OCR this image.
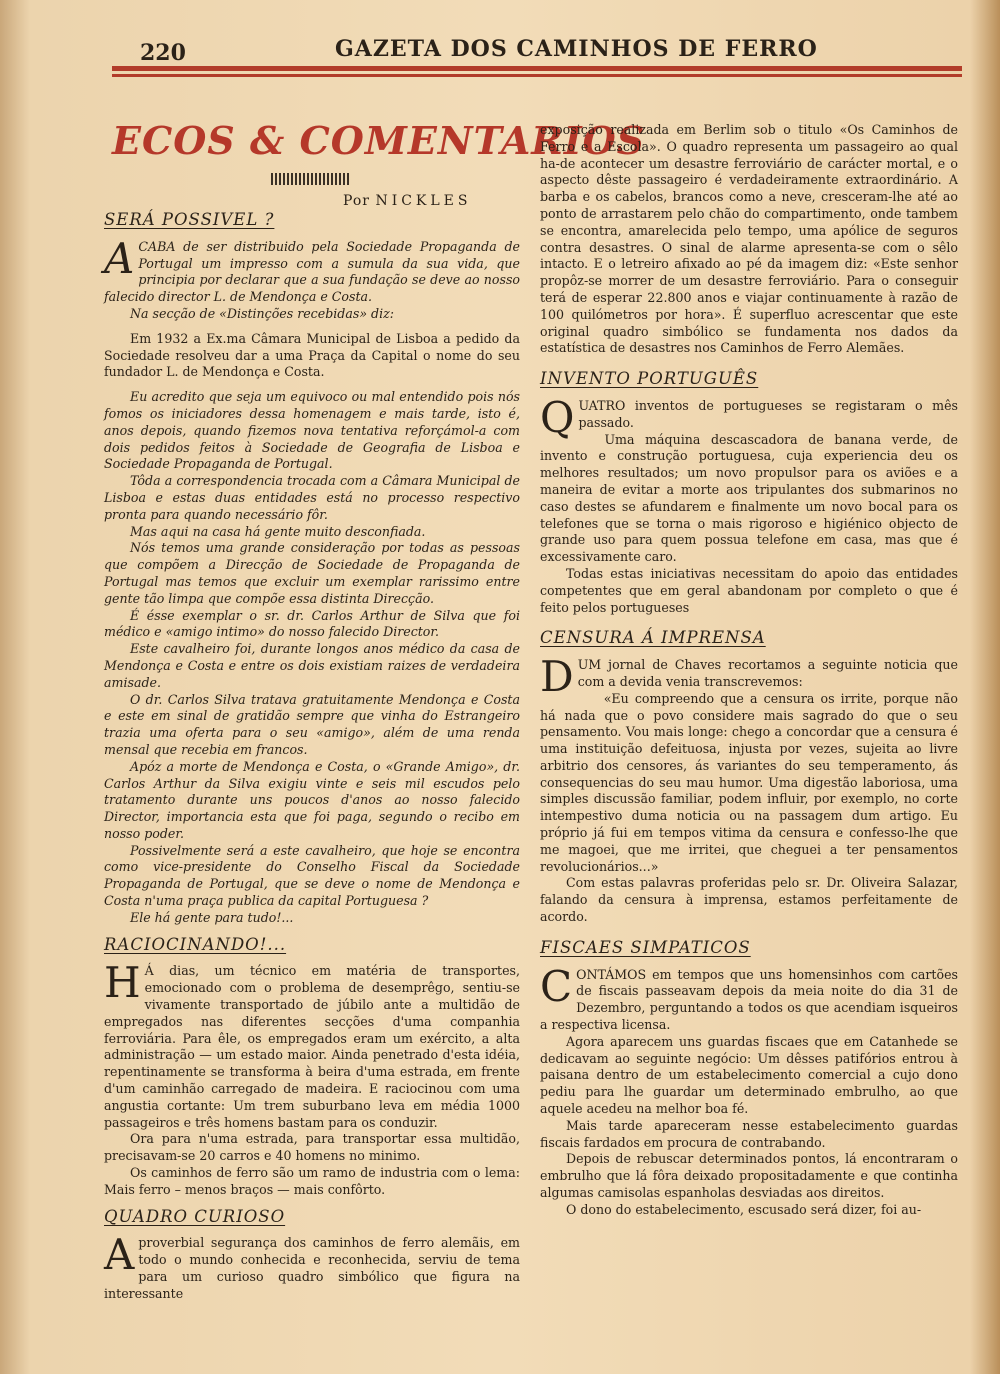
220	GAZETA DOS CAMINHOS DE FERRO
ECOS & COMENTARIOS
Por NICKLES
SERÁ POSSIVEL ?

ACABA de ser distribuido pela Sociedade Propaganda de Portugal um impresso com a sumula da sua vida, que principia por declarar que a sua fundação se deve ao nosso falecido director L. de Mendonça e Costa.

Na secção de «Distinções recebidas» diz:

Em 1932 a Ex.ma Câmara Municipal de Lisboa a pedido da Sociedade resolveu dar a uma Praça da Capital o nome do seu fundador L. de Mendonça e Costa.

Eu acredito que seja um equivoco ou mal entendido pois nós fomos os iniciadores dessa homenagem e mais tarde, isto é, anos depois, quando fizemos nova tentativa reforçámol-a com dois pedidos feitos à Sociedade de Geografia de Lisboa e Sociedade Propaganda de Portugal.

Tôda a correspondencia trocada com a Câmara Municipal de Lisboa e estas duas entidades está no processo respectivo pronta para quando necessário fôr.

Mas aqui na casa há gente muito desconfiada.

Nós temos uma grande consideração por todas as pessoas que compõem a Direcção de Sociedade de Propaganda de Portugal mas temos que excluir um exemplar rarissimo entre gente tão limpa que compõe essa distinta Direcção.

É ésse exemplar o sr. dr. Carlos Arthur de Silva que foi médico e «amigo intimo» do nosso falecido Director.

Este cavalheiro foi, durante longos anos médico da casa de Mendonça e Costa e entre os dois existiam raizes de verdadeira amisade.

O dr. Carlos Silva tratava gratuitamente Mendonça e Costa e este em sinal de gratidão sempre que vinha do Estrangeiro trazia uma oferta para o seu «amigo», além de uma renda mensal que recebia em francos.

Apóz a morte de Mendonça e Costa, o «Grande Amigo», dr. Carlos Arthur da Silva exigiu vinte e seis mil escudos pelo tratamento durante uns poucos d'anos ao nosso falecido Director, importancia esta que foi paga, segundo o recibo em nosso poder.

Possivelmente será a este cavalheiro, que hoje se encontra como vice-presidente do Conselho Fiscal da Sociedade Propaganda de Portugal, que se deve o nome de Mendonça e Costa n'uma praça publica da capital Portuguesa ?

Ele há gente para tudo!...

RACIOCINANDO!...

H Á dias, um técnico em matéria de transportes, emocionado com o problema de desemprêgo, sentiu-se vivamente transportado de júbilo ante a multidão de empregados nas diferentes secções d'uma companhia ferroviária. Para êle, os empregados eram um exército, a alta administração — um estado maior. Ainda penetrado d'esta idéia, repentinamente se transforma à beira d'uma estrada, em frente d'um caminhão carregado de madeira. E raciocinou com uma angustia cortante: Um trem suburbano leva em média 1000 passageiros e três homens bastam para os conduzir.

Ora para n'uma estrada, para transportar essa multidão, precisavam-se 20 carros e 40 homens no minimo.

Os caminhos de ferro são um ramo de industria com o lema: Mais ferro – menos braços — mais confôrto.

QUADRO CURIOSO

Aproverbial segurança dos caminhos de ferro alemãis, em todo o mundo conhecida e reconhecida, serviu de tema para um curioso quadro simbólico que figura na interessante

exposição realizada em Berlim sob o titulo «Os Caminhos de Ferro e a Escola». O quadro representa um passageiro ao qual ha-de acontecer um desastre ferroviário de carácter mortal, e o aspecto dêste passageiro é verdadeiramente extraordinário. A barba e os cabelos, brancos como a neve, cresceram-lhe até ao ponto de arrastarem pelo chão do compartimento, onde tambem se encontra, amarelecida pelo tempo, uma apólice de seguros contra desastres. O sinal de alarme apresenta-se com o sêlo intacto. E o letreiro afixado ao pé da imagem diz: «Este senhor propôz-se morrer de um desastre ferroviário. Para o conseguir terá de esperar 22.800 anos e viajar continuamente à razão de 100 quilómetros por hora». É superfluo acrescentar que este original quadro simbólico se fundamenta nos dados da estatística de desastres nos Caminhos de Ferro Alemães.

INVENTO PORTUGUÊS

QUATRO inventos de portugueses se registaram o mês passado.

Uma máquina descascadora de banana verde, de invento e construção portuguesa, cuja experiencia deu os melhores resultados; um novo propulsor para os aviões e a maneira de evitar a morte aos tripulantes dos submarinos no caso destes se afundarem e finalmente um novo bocal para os telefones que se torna o mais rigoroso e higiénico objecto de grande uso para quem possua telefone em casa, mas que é excessivamente caro.

Todas estas iniciativas necessitam do apoio das entidades competentes que em geral abandonam por completo o que é feito pelos portugueses

CENSURA Á IMPRENSA

DUM jornal de Chaves recortamos a seguinte noticia que com a devida venia transcrevemos:

«Eu compreendo que a censura os irrite, porque não há nada que o povo considere mais sagrado do que o seu pensamento. Vou mais longe: chego a concordar que a censura é uma instituição defeituosa, injusta por vezes, sujeita ao livre arbitrio dos censores, ás variantes do seu temperamento, ás consequencias do seu mau humor. Uma digestão laboriosa, uma simples discussão familiar, podem influir, por exemplo, no corte intempestivo duma noticia ou na passagem dum artigo. Eu próprio já fui em tempos vitima da censura e confesso-lhe que me magoei, que me irritei, que cheguei a ter pensamentos revolucionários...»

Com estas palavras proferidas pelo sr. Dr. Oliveira Salazar, falando da censura à imprensa, estamos perfeitamente de acordo.

FISCAES SIMPATICOS

CONTÁMOS em tempos que uns homensinhos com cartões de fiscais passeavam depois da meia noite do dia 31 de Dezembro, perguntando a todos os que acendiam isqueiros a respectiva licensa.

Agora aparecem uns guardas fiscaes que em Catanhede se dedicavam ao seguinte negócio: Um dêsses patifórios entrou à paisana dentro de um estabelecimento comercial a cujo dono pediu para lhe guardar um determinado embrulho, ao que aquele acedeu na melhor boa fé.

Mais tarde apareceram nesse estabelecimento guardas fiscais fardados em procura de contrabando.

Depois de rebuscar determinados pontos, lá encontraram o embrulho que lá fôra deixado propositadamente e que continha algumas camisolas espanholas desviadas aos direitos.

O dono do estabelecimento, escusado será dizer, foi au-
